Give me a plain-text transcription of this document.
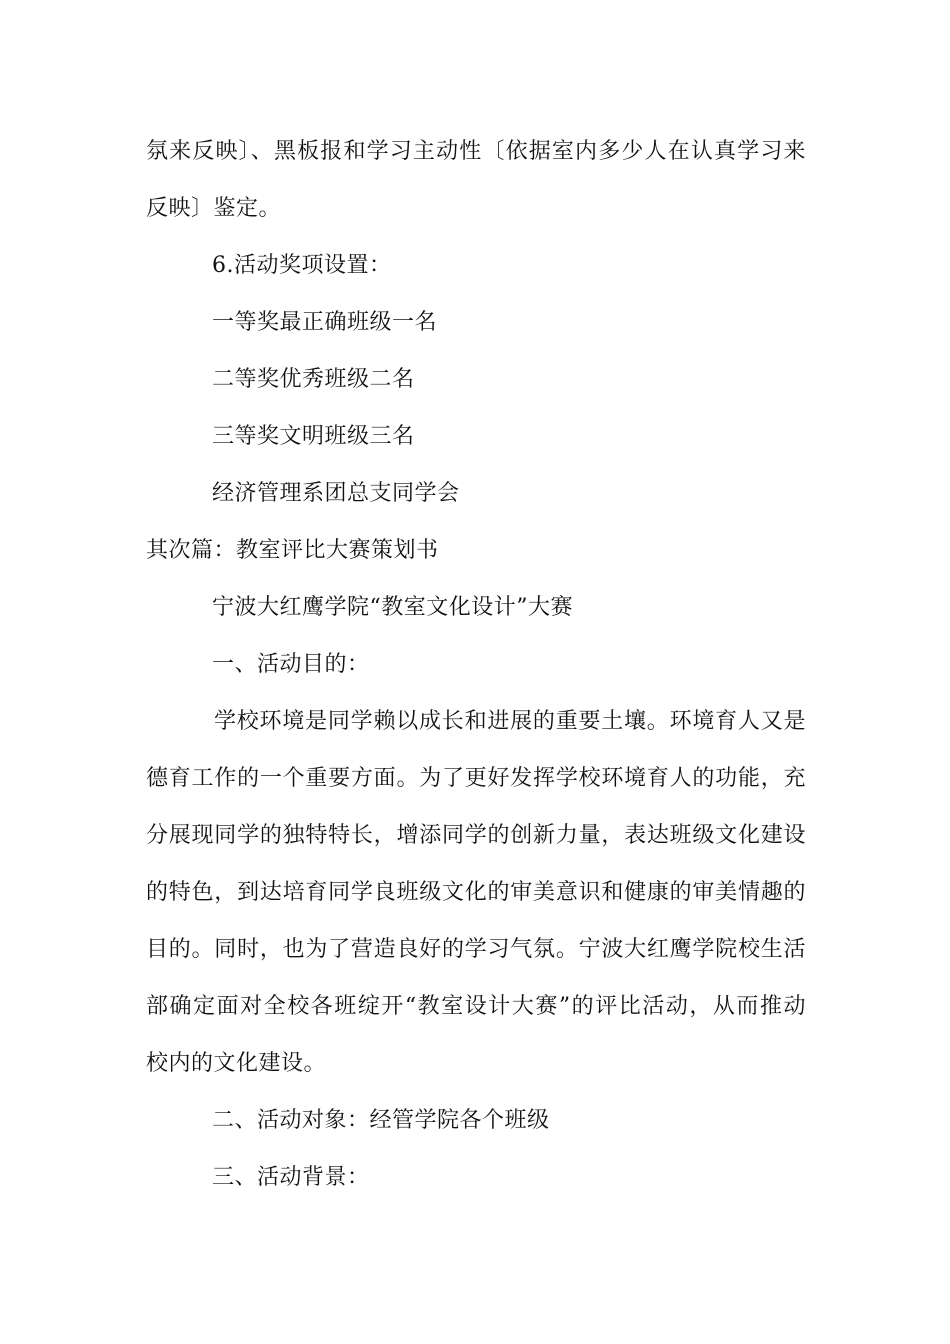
氛来反映〕、黑板报和学习主动性〔依据室内多少人在认真学习来
反映〕鉴定。
6.活动奖项设置：
一等奖最正确班级一名
二等奖优秀班级二名
三等奖文明班级三名
经济管理系团总支同学会
其次篇：教室评比大赛策划书
宁波大红鹰学院“教室文化设计”大赛
一、活动目的：
学校环境是同学赖以成长和进展的重要土壤。环境育人又是
德育工作的一个重要方面。为了更好发挥学校环境育人的功能，充
分展现同学的独特特长，增添同学的创新力量，表达班级文化建设
的特色，到达培育同学良班级文化的审美意识和健康的审美情趣的
目的。同时，也为了营造良好的学习气氛。宁波大红鹰学院校生活
部确定面对全校各班绽开“教室设计大赛”的评比活动，从而推动
校内的文化建设。
二、活动对象：经管学院各个班级
三、活动背景：
